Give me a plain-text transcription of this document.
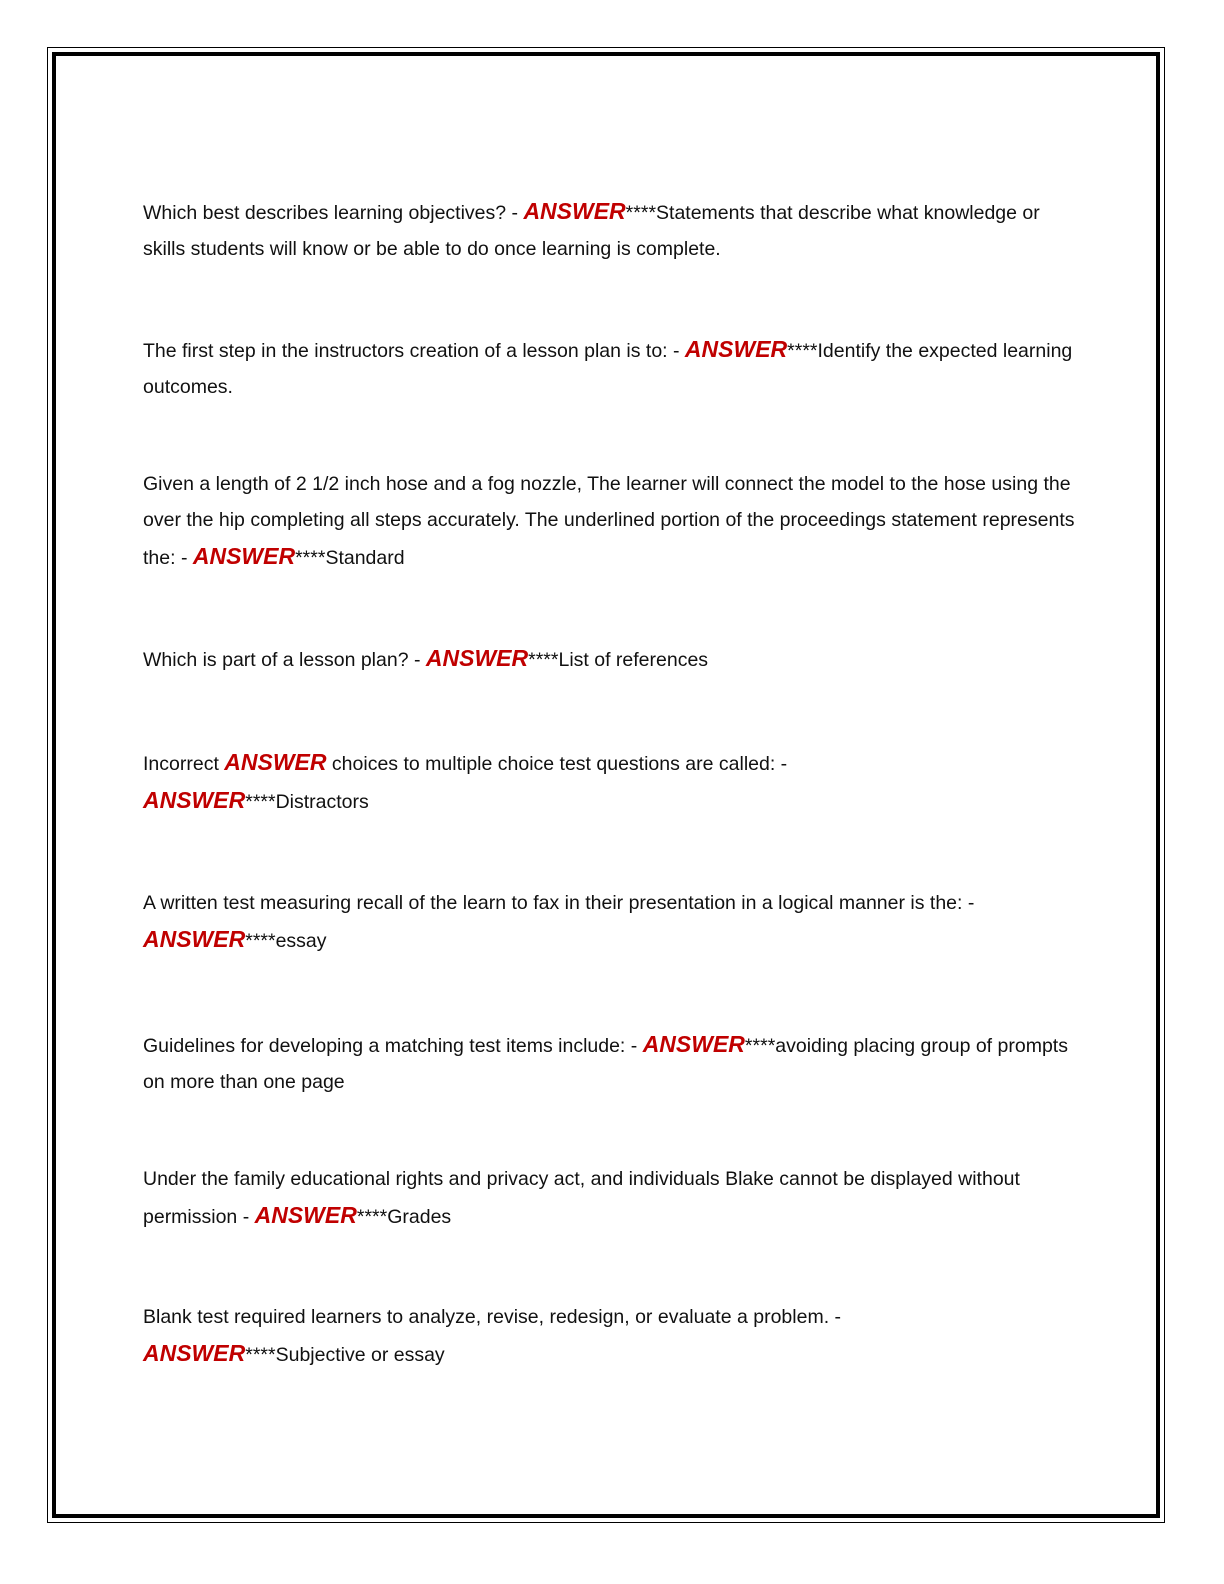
Which best describes learning objectives? - ANSWER****Statements that describe what knowledge or skills students will know or be able to do once learning is complete.

The first step in the instructors creation of a lesson plan is to: - ANSWER****Identify the expected learning outcomes.

Given a length of 2 1/2 inch hose and a fog nozzle, The learner will connect the model to the hose using the over the hip completing all steps accurately. The underlined portion of the proceedings statement represents the: - ANSWER****Standard

Which is part of a lesson plan? - ANSWER****List of references

Incorrect ANSWER choices to multiple choice test questions are called: - ANSWER****Distractors

A written test measuring recall of the learn to fax in their presentation in a logical manner is the: - ANSWER****essay

Guidelines for developing a matching test items include: - ANSWER****avoiding placing group of prompts on more than one page

Under the family educational rights and privacy act, and individuals Blake cannot be displayed without permission - ANSWER****Grades

Blank test required learners to analyze, revise, redesign, or evaluate a problem. - ANSWER****Subjective or essay
